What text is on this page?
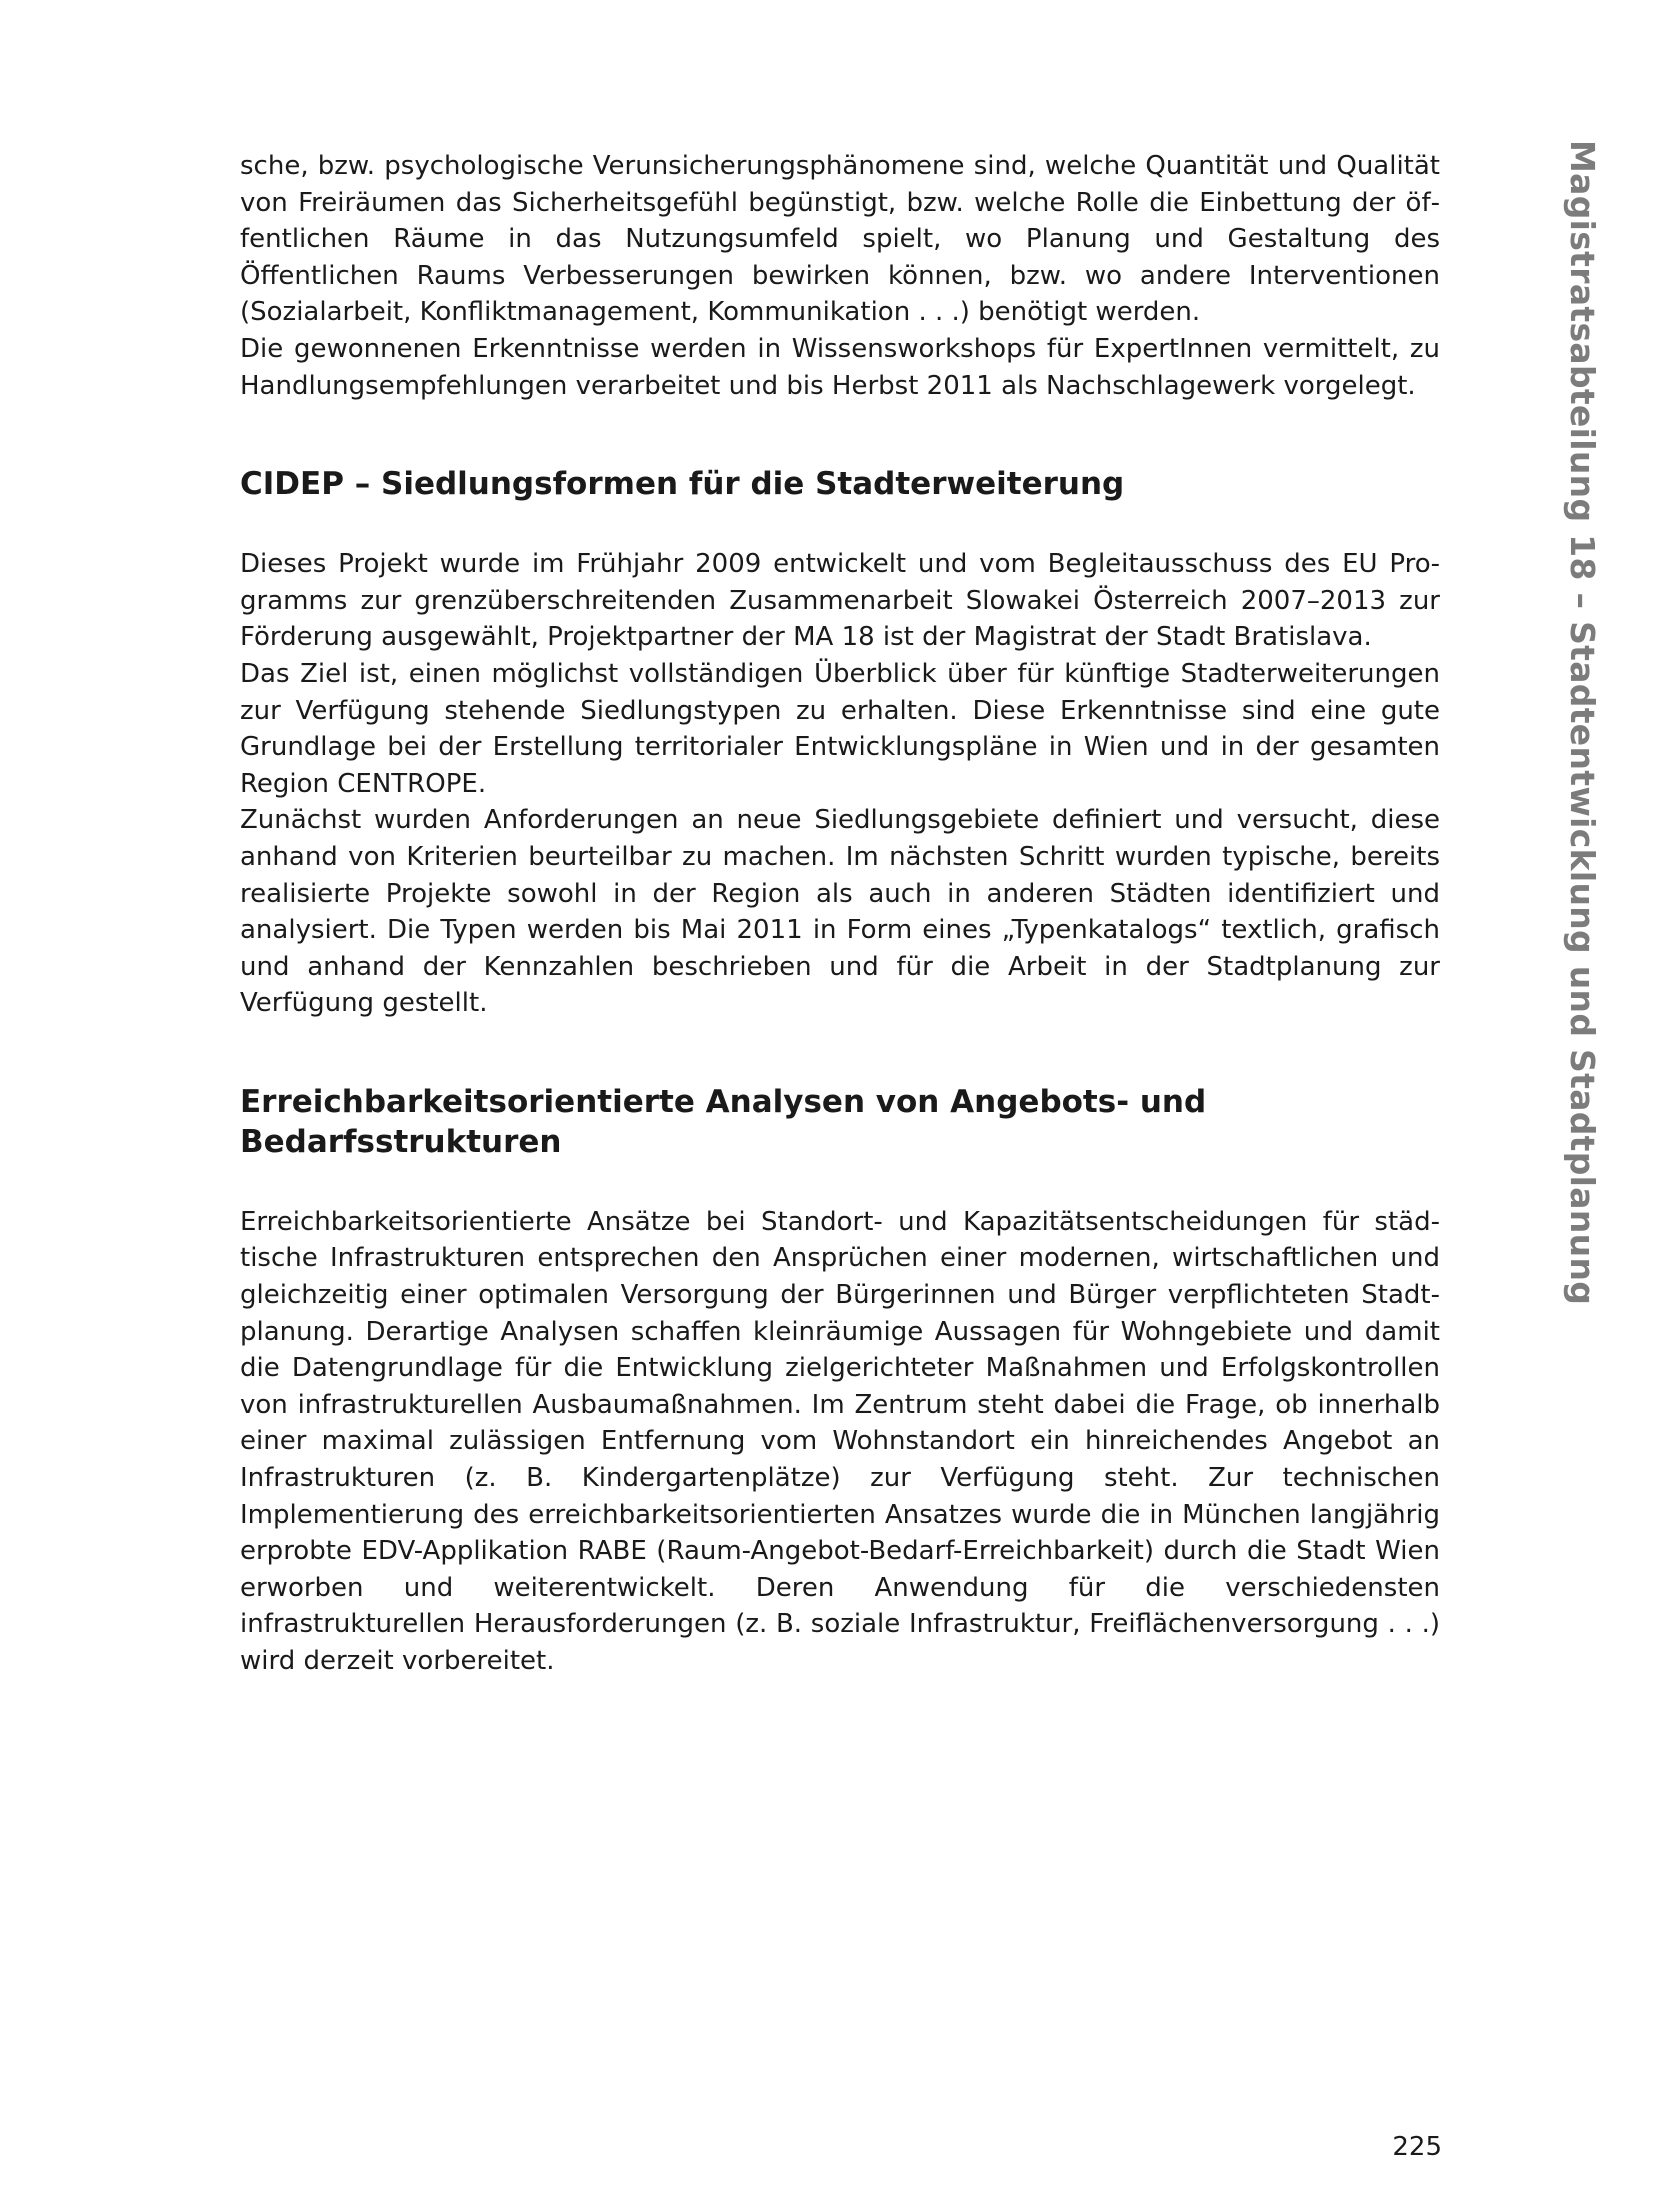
sche, bzw. psychologische Verunsicherungsphänomene sind, welche Quantität und Qualität von Freiräumen das Sicherheitsgefühl begünstigt, bzw. welche Rolle die Einbettung der öffentlichen Räume in das Nutzungsumfeld spielt, wo Planung und Gestaltung des Öffentlichen Raums Verbesserungen bewirken können, bzw. wo andere Interventionen (Sozialarbeit, Konfliktmanagement, Kommunikation . . .) benötigt werden.

Die gewonnenen Erkenntnisse werden in Wissensworkshops für ExpertInnen vermittelt, zu Handlungsempfehlungen verarbeitet und bis Herbst 2011 als Nachschlagewerk vorgelegt.

CIDEP – Siedlungsformen für die Stadterweiterung

Dieses Projekt wurde im Frühjahr 2009 entwickelt und vom Begleitausschuss des EU Programms zur grenzüberschreitenden Zusammenarbeit Slowakei Österreich 2007–2013 zur Förderung ausgewählt, Projektpartner der MA 18 ist der Magistrat der Stadt Bratislava.

Das Ziel ist, einen möglichst vollständigen Überblick über für künftige Stadterweiterungen zur Verfügung stehende Siedlungstypen zu erhalten. Diese Erkenntnisse sind eine gute Grundlage bei der Erstellung territorialer Entwicklungspläne in Wien und in der gesamten Region CENTROPE.

Zunächst wurden Anforderungen an neue Siedlungsgebiete definiert und versucht, diese anhand von Kriterien beurteilbar zu machen. Im nächsten Schritt wurden typische, bereits realisierte Projekte sowohl in der Region als auch in anderen Städten identifiziert und analysiert. Die Typen werden bis Mai 2011 in Form eines „Typenkatalogs“ textlich, grafisch und anhand der Kennzahlen beschrieben und für die Arbeit in der Stadtplanung zur Verfügung gestellt.

Erreichbarkeitsorientierte Analysen von Angebots- und Bedarfsstrukturen

Erreichbarkeitsorientierte Ansätze bei Standort- und Kapazitätsentscheidungen für städtische Infrastrukturen entsprechen den Ansprüchen einer modernen, wirtschaftlichen und gleichzeitig einer optimalen Versorgung der Bürgerinnen und Bürger verpflichteten Stadtplanung. Derartige Analysen schaffen kleinräumige Aussagen für Wohngebiete und damit die Datengrundlage für die Entwicklung zielgerichteter Maßnahmen und Erfolgskontrollen von infrastrukturellen Ausbaumaßnahmen. Im Zentrum steht dabei die Frage, ob innerhalb einer maximal zulässigen Entfernung vom Wohnstandort ein hinreichendes Angebot an Infrastrukturen (z. B. Kindergartenplätze) zur Verfügung steht. Zur technischen Implementierung des erreichbarkeitsorientierten Ansatzes wurde die in München langjährig erprobte EDV-Applikation RABE (Raum-Angebot-Bedarf-Erreichbarkeit) durch die Stadt Wien erworben und weiterentwickelt. Deren Anwendung für die verschiedensten infrastrukturellen Herausforderungen (z. B. soziale Infrastruktur, Freiflächenversorgung . . .) wird derzeit vorbereitet.

Magistratsabteilung 18 – Stadtentwicklung und Stadtplanung
225
